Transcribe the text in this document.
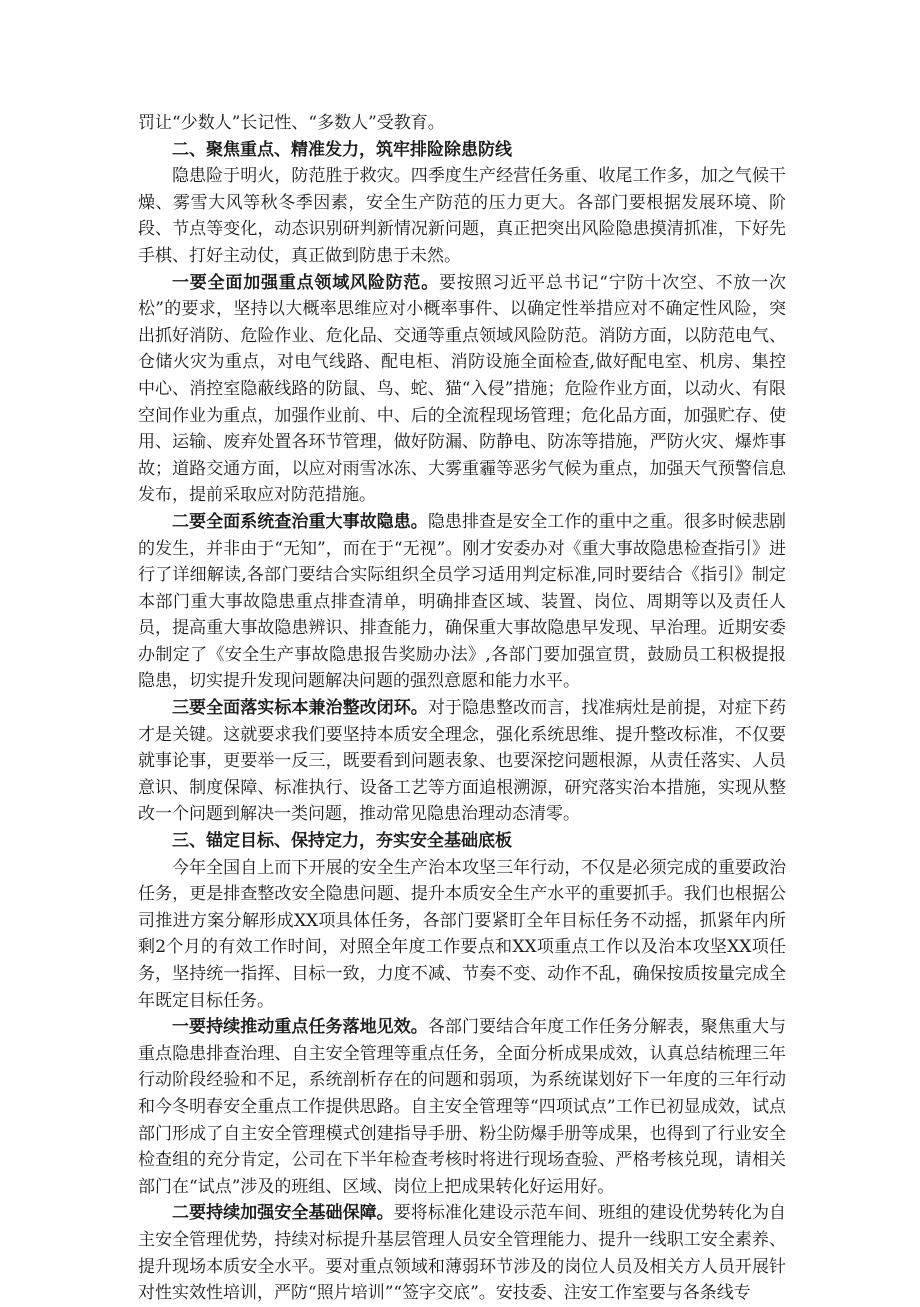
罚让“少数人”长记性、“多数人”受教育。

二、聚焦重点、精准发力，筑牢排险除患防线

隐患险于明火，防范胜于救灾。四季度生产经营任务重、收尾工作多，加之气候干燥、雾雪大风等秋冬季因素，安全生产防范的压力更大。各部门要根据发展环境、阶段、节点等变化，动态识别研判新情况新问题，真正把突出风险隐患摸清抓准，下好先手棋、打好主动仗，真正做到防患于未然。

一要全面加强重点领域风险防范。要按照习近平总书记“宁防十次空、不放一次松”的要求，坚持以大概率思维应对小概率事件、以确定性举措应对不确定性风险，突出抓好消防、危险作业、危化品、交通等重点领域风险防范。消防方面，以防范电气、仓储火灾为重点，对电气线路、配电柜、消防设施全面检查,做好配电室、机房、集控中心、消控室隐蔽线路的防鼠、鸟、蛇、猫“入侵”措施；危险作业方面，以动火、有限空间作业为重点，加强作业前、中、后的全流程现场管理；危化品方面，加强贮存、使用、运输、废弃处置各环节管理，做好防漏、防静电、防冻等措施，严防火灾、爆炸事故；道路交通方面，以应对雨雪冰冻、大雾重霾等恶劣气候为重点，加强天气预警信息发布，提前采取应对防范措施。

二要全面系统查治重大事故隐患。隐患排查是安全工作的重中之重。很多时候悲剧的发生，并非由于“无知”，而在于“无视”。刚才安委办对《重大事故隐患检查指引》进行了详细解读,各部门要结合实际组织全员学习适用判定标准,同时要结合《指引》制定本部门重大事故隐患重点排查清单，明确排查区域、装置、岗位、周期等以及责任人员，提高重大事故隐患辨识、排查能力，确保重大事故隐患早发现、早治理。近期安委办制定了《安全生产事故隐患报告奖励办法》,各部门要加强宣贯，鼓励员工积极提报隐患，切实提升发现问题解决问题的强烈意愿和能力水平。

三要全面落实标本兼治整改闭环。对于隐患整改而言，找准病灶是前提，对症下药才是关键。这就要求我们要坚持本质安全理念，强化系统思维、提升整改标准，不仅要就事论事，更要举一反三，既要看到问题表象、也要深挖问题根源，从责任落实、人员意识、制度保障、标准执行、设备工艺等方面追根溯源，研究落实治本措施，实现从整改一个问题到解决一类问题，推动常见隐患治理动态清零。

三、锚定目标、保持定力，夯实安全基础底板

今年全国自上而下开展的安全生产治本攻坚三年行动，不仅是必须完成的重要政治任务，更是排查整改安全隐患问题、提升本质安全生产水平的重要抓手。我们也根据公司推进方案分解形成XX项具体任务，各部门要紧盯全年目标任务不动摇，抓紧年内所剩2个月的有效工作时间，对照全年度工作要点和XX项重点工作以及治本攻坚XX项任务，坚持统一指挥、目标一致，力度不减、节奏不变、动作不乱，确保按质按量完成全年既定目标任务。

一要持续推动重点任务落地见效。各部门要结合年度工作任务分解表，聚焦重大与重点隐患排查治理、自主安全管理等重点任务，全面分析成果成效，认真总结梳理三年行动阶段经验和不足，系统剖析存在的问题和弱项，为系统谋划好下一年度的三年行动和今冬明春安全重点工作提供思路。自主安全管理等“四项试点”工作已初显成效，试点部门形成了自主安全管理模式创建指导手册、粉尘防爆手册等成果，也得到了行业安全检查组的充分肯定，公司在下半年检查考核时将进行现场查验、严格考核兑现，请相关部门在“试点”涉及的班组、区域、岗位上把成果转化好运用好。

二要持续加强安全基础保障。要将标准化建设示范车间、班组的建设优势转化为自主安全管理优势，持续对标提升基层管理人员安全管理能力、提升一线职工安全素养、提升现场本质安全水平。要对重点领域和薄弱环节涉及的岗位人员及相关方人员开展针对性实效性培训，严防“照片培训”“签字交底”。安技委、注安工作室要与各条线专
